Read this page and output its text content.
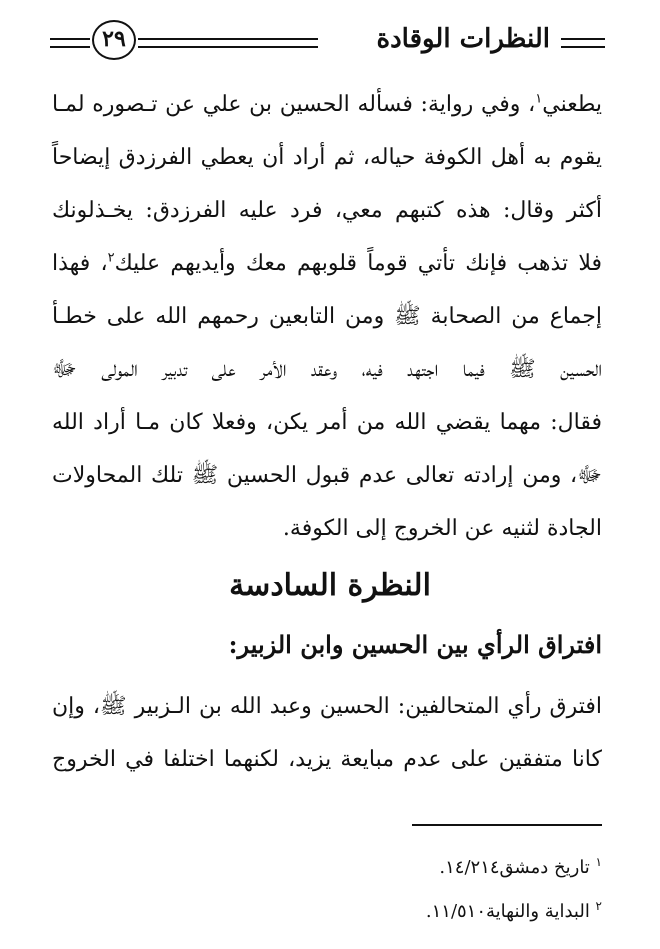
النظرات الوقادة
٢٩
يطعني$^١$، وفي رواية: فسأله الحسين بن علي عن تـصوره لمـا
يقوم به أهل الكوفة حياله، ثم أراد أن يعطي الفرزدق إيضاحاً
أكثر وقال: هذه كتبهم معي، فرد عليه الفرزدق: يخـذلونك
فلا تذهب فإنك تأتي قوماً قلوبهم معك وأيديهم عليك$^٢$، فهذا
إجماع من الصحابة ﷺ ومن التابعين رحمهم الله على خطـأ
الحسين ﷺ فيما اجتهد فيه، وعقد الأمر على تدبير المولى ﷻ
فقال: مهما يقضي الله من أمر يكن، وفعلا كان مـا أراد الله
ﷻ، ومن إرادته تعالى عدم قبول الحسين ﷺ تلك المحاولات
الجادة لثنيه عن الخروج إلى الكوفة.
النظرة السادسة
افتراق الرأي بين الحسين وابن الزبير:
افترق رأي المتحالفين: الحسين وعبد الله بن الـزبير ﷺ، وإن
كانا متفقين على عدم مبايعة يزيد، لكنهما اختلفا في الخروج
$^١$ تاريخ دمشق١٤/٢١٤.
$^٢$ البداية والنهاية١١/٥١٠.
